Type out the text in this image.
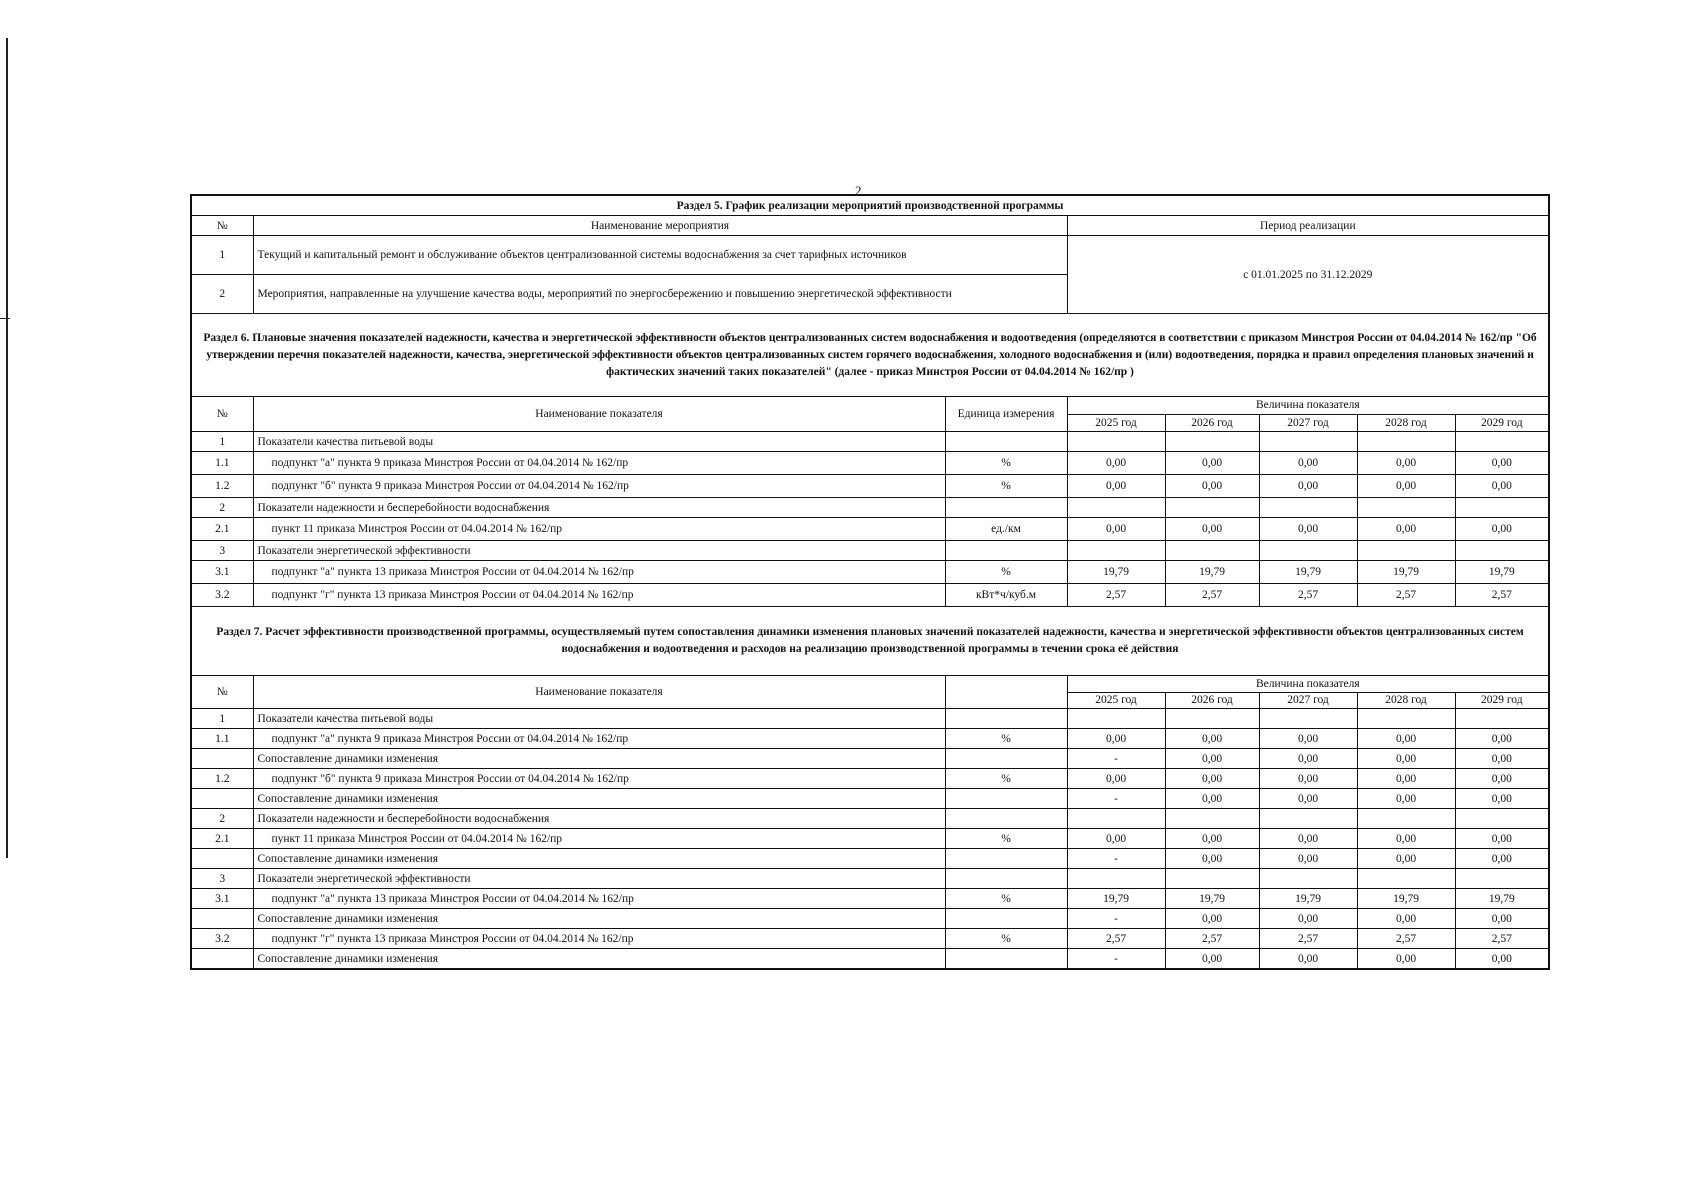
2
Раздел 5. График реализации мероприятий производственной программы							
№	Наименование мероприятия		Период реализации				
1	Текущий и капитальный ремонт и обслуживание объектов централизованной системы водоснабжения за счет тарифных источников		с 01.01.2025 по 31.12.2029				
2	Мероприятия, направленные на улучшение качества воды, мероприятий по энергосбережению и повышению энергетической эффективности						
Раздел 6. Плановые значения показателей надежности, качества и энергетической эффективности объектов централизованных систем водоснабжения и водоотведения (определяются в соответствии с приказом Минстроя России от 04.04.2014 № 162/пр "Об утверждении перечня показателей надежности, качества, энергетической эффективности объектов централизованных систем горячего водоснабжения, холодного водоснабжения и (или) водоотведения, порядка и правил определения плановых значений и фактических значений таких показателей" (далее - приказ Минстроя России от 04.04.2014 № 162/пр )							
№	Наименование показателя	Единица измерения	Величина показателя				
			2025 год	2026 год	2027 год	2028 год	2029 год
1	Показатели качества питьевой воды						
1.1	подпункт "а" пункта 9 приказа Минстроя России от 04.04.2014 № 162/пр	%	0,00	0,00	0,00	0,00	0,00
1.2	подпункт "б" пункта 9 приказа Минстроя России от 04.04.2014 № 162/пр	%	0,00	0,00	0,00	0,00	0,00
2	Показатели надежности и бесперебойности водоснабжения						
2.1	пункт 11 приказа Минстроя России от 04.04.2014 № 162/пр	ед./км	0,00	0,00	0,00	0,00	0,00
3	Показатели энергетической эффективности						
3.1	подпункт "а" пункта 13 приказа Минстроя России от 04.04.2014 № 162/пр	%	19,79	19,79	19,79	19,79	19,79
3.2	подпункт "г" пункта 13 приказа Минстроя России от 04.04.2014 № 162/пр	кВт*ч/куб.м	2,57	2,57	2,57	2,57	2,57
Раздел 7. Расчет эффективности производственной программы, осуществляемый путем сопоставления динамики изменения плановых значений показателей надежности, качества и энергетической эффективности объектов централизованных систем водоснабжения и водоотведения и расходов на реализацию производственной программы в течении срока её действия							
№	Наименование показателя		Величина показателя				
			2025 год	2026 год	2027 год	2028 год	2029 год
1	Показатели качества питьевой воды						
1.1	подпункт "а" пункта 9 приказа Минстроя России от 04.04.2014 № 162/пр	%	0,00	0,00	0,00	0,00	0,00
	Сопоставление динамики изменения		-	0,00	0,00	0,00	0,00
1.2	подпункт "б" пункта 9 приказа Минстроя России от 04.04.2014 № 162/пр	%	0,00	0,00	0,00	0,00	0,00
	Сопоставление динамики изменения		-	0,00	0,00	0,00	0,00
2	Показатели надежности и бесперебойности водоснабжения						
2.1	пункт 11 приказа Минстроя России от 04.04.2014 № 162/пр	%	0,00	0,00	0,00	0,00	0,00
	Сопоставление динамики изменения		-	0,00	0,00	0,00	0,00
3	Показатели энергетической эффективности						
3.1	подпункт "а" пункта 13 приказа Минстроя России от 04.04.2014 № 162/пр	%	19,79	19,79	19,79	19,79	19,79
	Сопоставление динамики изменения		-	0,00	0,00	0,00	0,00
3.2	подпункт "г" пункта 13 приказа Минстроя России от 04.04.2014 № 162/пр	%	2,57	2,57	2,57	2,57	2,57
	Сопоставление динамики изменения		-	0,00	0,00	0,00	0,00
